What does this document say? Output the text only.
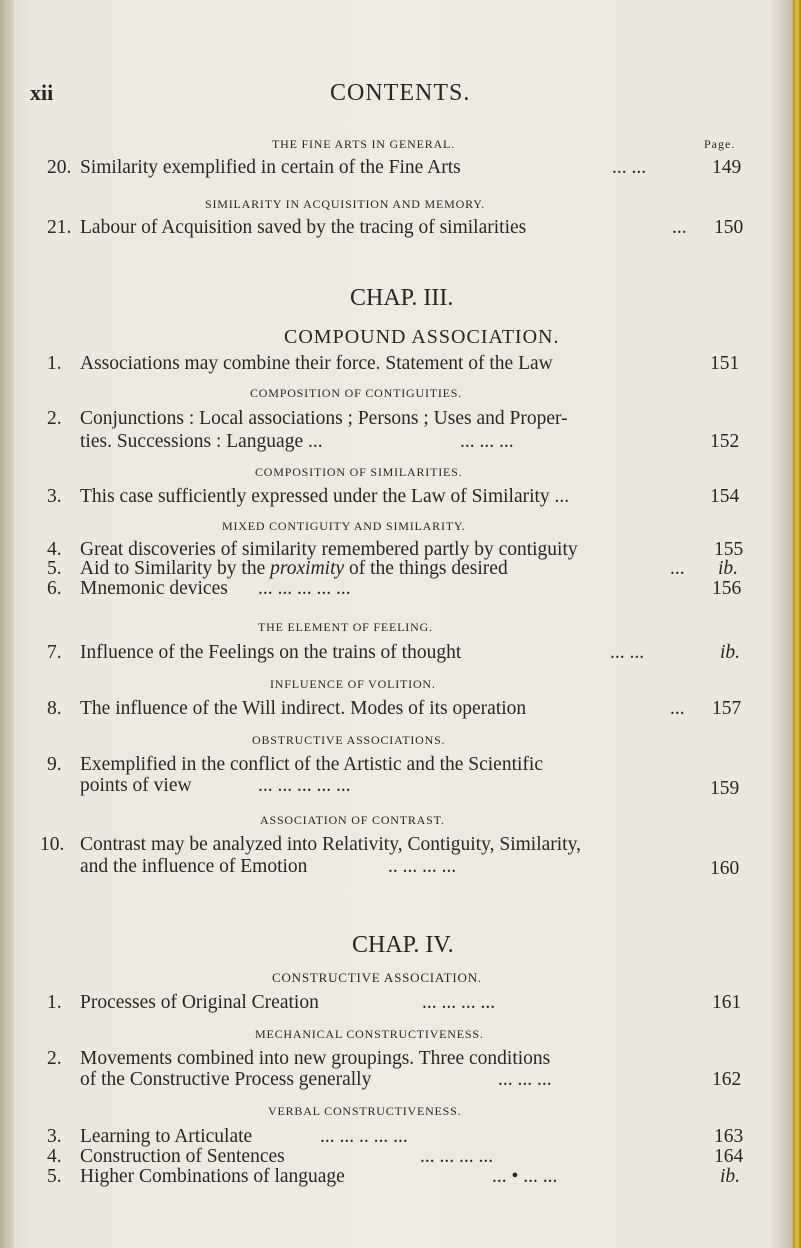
xii	CONTENTS.
THE FINE ARTS IN GENERAL.	Page.
20. Similarity exemplified in certain of the Fine Arts	... ...	149
SIMILARITY IN ACQUISITION AND MEMORY.
21. Labour of Acquisition saved by the tracing of similarities	... 150
CHAP. III.
COMPOUND ASSOCIATION.
1. Associations may combine their force. Statement of the Law	151
COMPOSITION OF CONTIGUITIES.
2. Conjunctions : Local associations ; Persons ; Uses and Proper-
ties. Successions : Language ...	... ... ...	152
COMPOSITION OF SIMILARITIES.
3. This case sufficiently expressed under the Law of Similarity ...	154
MIXED CONTIGUITY AND SIMILARITY.
4. Great discoveries of similarity remembered partly by contiguity	155
5. Aid to Similarity by the proximity of the things desired	... ib.
6. Mnemonic devices ... ... ... ... ...	156
THE ELEMENT OF FEELING.
7. Influence of the Feelings on the trains of thought	... ...	ib.
INFLUENCE OF VOLITION.
8. The influence of the Will indirect. Modes of its operation	... 157
OBSTRUCTIVE ASSOCIATIONS.
9. Exemplified in the conflict of the Artistic and the Scientific
points of view	... ... ... ... ...	159
ASSOCIATION OF CONTRAST.
10. Contrast may be analyzed into Relativity, Contiguity, Similarity,
and the influence of Emotion	.. ... ... ...	160
CHAP. IV.
CONSTRUCTIVE ASSOCIATION.
1. Processes of Original Creation	... ... ... ...	161
MECHANICAL CONSTRUCTIVENESS.
2. Movements combined into new groupings. Three conditions
of the Constructive Process generally	... ... ...	162
VERBAL CONSTRUCTIVENESS.
3. Learning to Articulate	... ... .. ... ...	163
4. Construction of Sentences	... ... ... ...	164
5. Higher Combinations of language	... • ... ...	ib.
